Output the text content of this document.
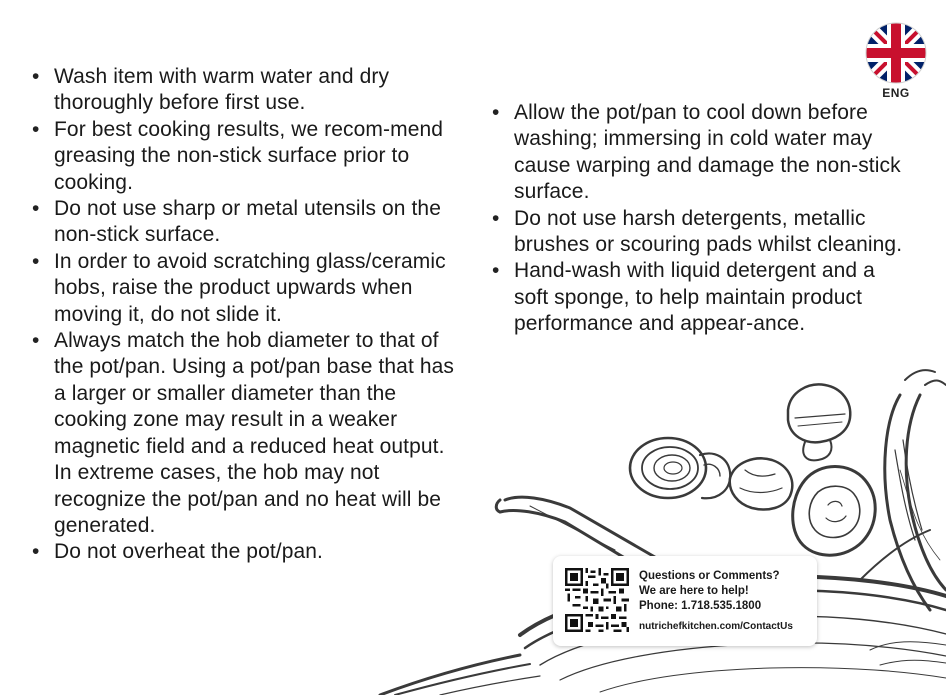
• Wash item with warm water and dry thoroughly before first use.
• For best cooking results, we recom-mend greasing the non-stick surface prior to cooking.
• Do not use sharp or metal utensils on the non-stick surface.
• In order to avoid scratching glass/ceramic hobs, raise the product upwards when moving it, do not slide it.
• Always match the hob diameter to that of the pot/pan. Using a pot/pan base that has a larger or smaller diameter than the cooking zone may result in a weaker magnetic field and a reduced heat output. In extreme cases, the hob may not recognize the pot/pan and no heat will be generated.
• Do not overheat the pot/pan.
• Allow the pot/pan to cool down before washing; immersing in cold water may cause warping and damage the non-stick surface.
• Do not use harsh detergents, metallic brushes or scouring pads whilst cleaning.
• Hand-wash with liquid detergent and a soft sponge, to help maintain product performance and appear-ance.
ENG
Questions or Comments?
We are here to help!
Phone: 1.718.535.1800
nutrichefkitchen.com/ContactUs
